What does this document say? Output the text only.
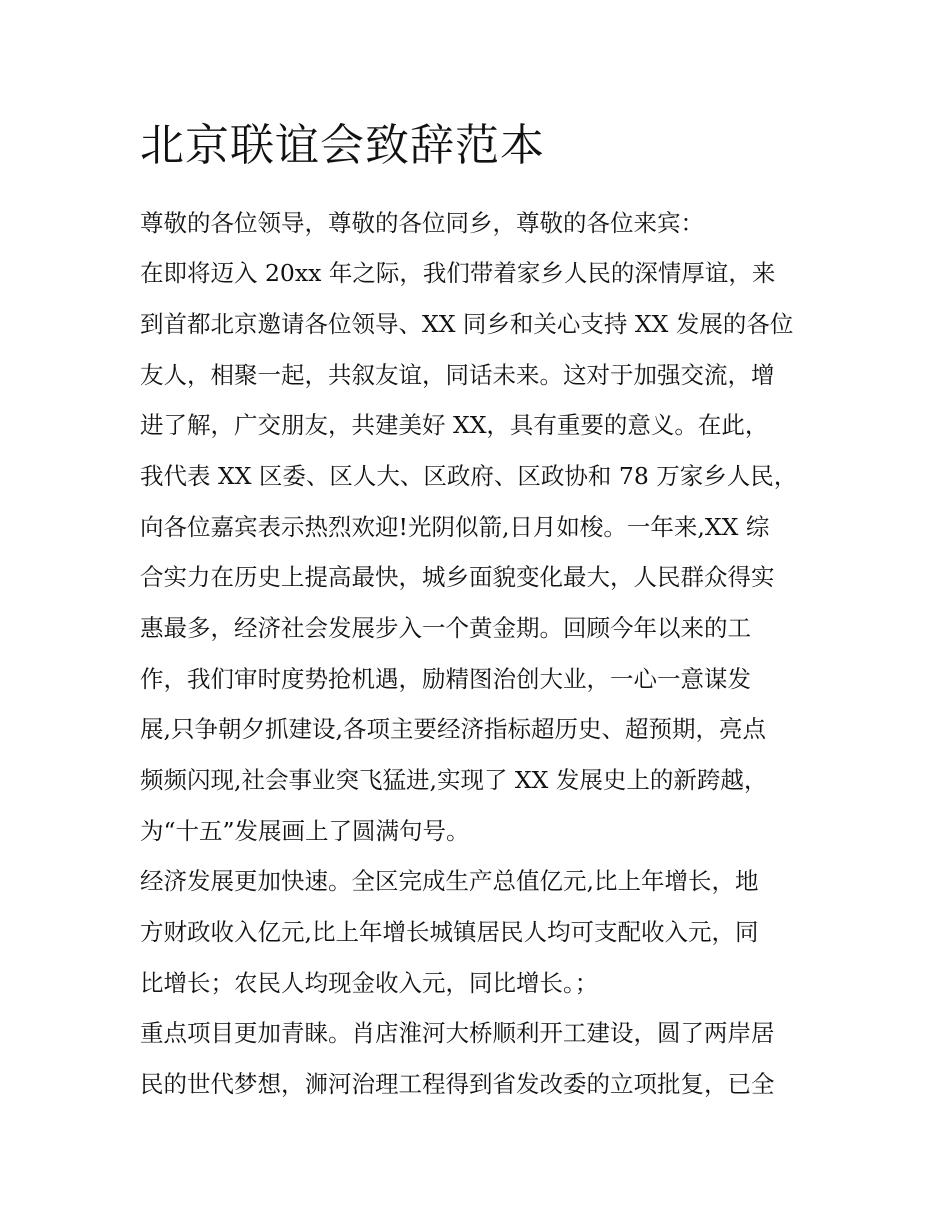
北京联谊会致辞范本

尊敬的各位领导，尊敬的各位同乡，尊敬的各位来宾：

在即将迈入 20xx 年之际，我们带着家乡人民的深情厚谊，来

到首都北京邀请各位领导、XX 同乡和关心支持 XX 发展的各位

友人，相聚一起，共叙友谊，同话未来。这对于加强交流，增

进了解，广交朋友，共建美好 XX，具有重要的意义。在此，

我代表 XX 区委、区人大、区政府、区政协和 78 万家乡人民，

向各位嘉宾表示热烈欢迎!光阴似箭,日月如梭。一年来,XX 综

合实力在历史上提高最快，城乡面貌变化最大，人民群众得实

惠最多，经济社会发展步入一个黄金期。回顾今年以来的工

作，我们审时度势抢机遇，励精图治创大业，一心一意谋发

展,只争朝夕抓建设,各项主要经济指标超历史、超预期，亮点

频频闪现,社会事业突飞猛进,实现了 XX 发展史上的新跨越，

为“十五”发展画上了圆满句号。

经济发展更加快速。全区完成生产总值亿元,比上年增长，地

方财政收入亿元,比上年增长城镇居民人均可支配收入元，同

比增长；农民人均现金收入元，同比增长。；

重点项目更加青睐。肖店淮河大桥顺利开工建设，圆了两岸居

民的世代梦想，浉河治理工程得到省发改委的立项批复，已全
